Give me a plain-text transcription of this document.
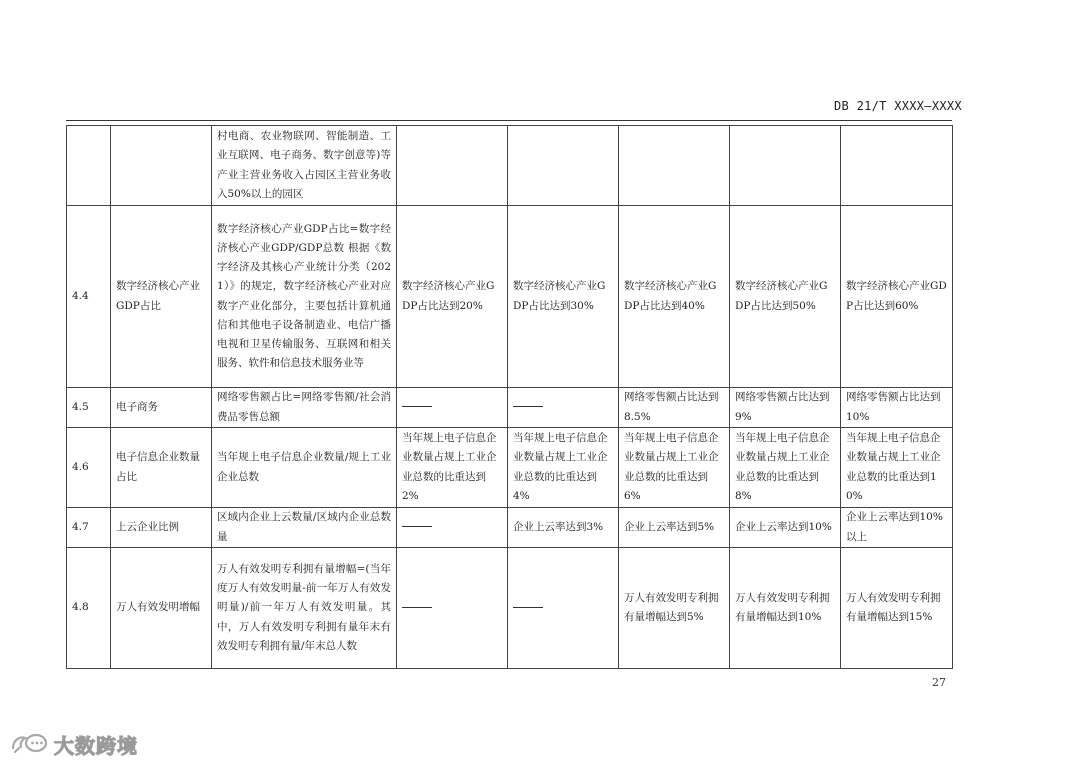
DB 21/T XXXX—XXXX
		村电商、农业物联网、智能制造、工业互联网、电子商务、数字创意等)等产业主营业务收入占园区主营业务收入50%以上的园区					
4.4	数字经济核心产业GDP占比	数字经济核心产业GDP占比=数字经济核心产业GDP/GDP总数 根据《数字经济及其核心产业统计分类（2021）》的规定，数字经济核心产业对应数字产业化部分，主要包括计算机通信和其他电子设备制造业、电信广播电视和卫星传输服务、互联网和相关服务、软件和信息技术服务业等	数字经济核心产业GDP占比达到20%	数字经济核心产业GDP占比达到30%	数字经济核心产业GDP占比达到40%	数字经济核心产业GDP占比达到50%	数字经济核心产业GDP占比达到60%
4.5	电子商务	网络零售额占比=网络零售额/社会消费品零售总额			网络零售额占比达到8.5%	网络零售额占比达到9%	网络零售额占比达到10%
4.6	电子信息企业数量占比	当年规上电子信息企业数量/规上工业企业总数	当年规上电子信息企业数量占规上工业企业总数的比重达到2%	当年规上电子信息企业数量占规上工业企业总数的比重达到4%	当年规上电子信息企业数量占规上工业企业总数的比重达到6%	当年规上电子信息企业数量占规上工业企业总数的比重达到8%	当年规上电子信息企业数量占规上工业企业总数的比重达到10%
4.7	上云企业比例	区域内企业上云数量/区域内企业总数量		企业上云率达到3%	企业上云率达到5%	企业上云率达到10%	企业上云率达到10%以上
4.8	万人有效发明增幅	万人有效发明专利拥有量增幅=(当年度万人有效发明量-前一年万人有效发明量)/前一年万人有效发明量。其中，万人有效发明专利拥有量年末有效发明专利拥有量/年末总人数			万人有效发明专利拥有量增幅达到5%	万人有效发明专利拥有量增幅达到10%	万人有效发明专利拥有量增幅达到15%
27
大数跨境
